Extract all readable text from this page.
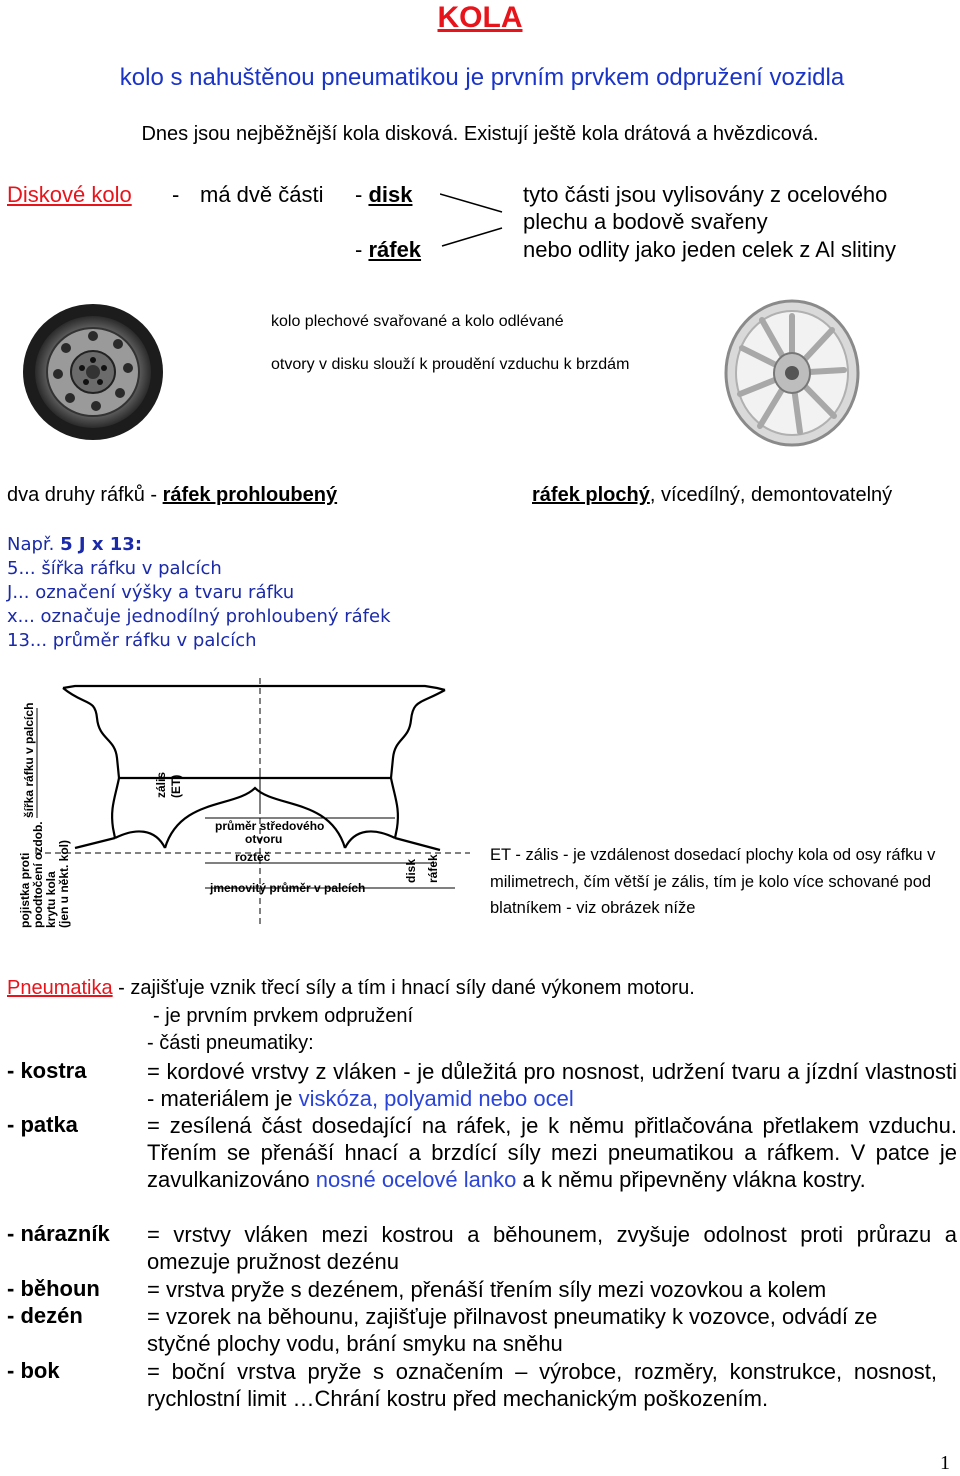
KOLA
kolo s nahuštěnou pneumatikou je prvním prvkem odpružení vozidla
Dnes jsou nejběžnější kola disková. Existují ještě kola drátová a hvězdicová.
Diskové kolo - má dvě části - disk
- ráfek
tyto části jsou vylisovány z ocelového
plechu a bodově svařeny
nebo odlity jako jeden celek z Al slitiny
kolo plechové svařované a kolo odlévané
otvory v disku slouží k proudění vzduchu k brzdám
dva druhy ráfků - ráfek prohloubený	ráfek plochý, vícedílný, demontovatelný
Např. 5 J x 13:
5... šířka ráfku v palcích
J... označení výšky a tvaru ráfku
x... označuje jednodílný prohloubený ráfek
13... průměr ráfku v palcích
šířka ráfku v palcích	zális (ET)
průměr středového
otvoru
rozteč
jmenovitý průměr v palcích
pojistka proti poodtočení ozdob. krytu kola (jen u někt. kol)	disk ráfek	ET - zális - je vzdálenost dosedací plochy kola od osy ráfku v milimetrech, čím větší je zális, tím je kolo více schované pod blatníkem - viz obrázek níže
Pneumatika - zajišťuje vznik třecí síly a tím i hnací síly dané výkonem motoru.
- je prvním prvkem odpružení
- části pneumatiky:
- kostra	= kordové vrstvy z vláken - je důležitá pro nosnost, udržení tvaru a jízdní vlastnosti - materiálem je viskóza, polyamid nebo ocel
- patka	= zesílená část dosedající na ráfek, je k němu přitlačována přetlakem vzduchu. Třením se přenáší hnací a brzdící síly mezi pneumatikou a ráfkem. V patce je zavulkanizováno nosné ocelové lanko a k němu připevněny vlákna kostry.
- nárazník = vrstvy vláken mezi kostrou a běhounem, zvyšuje odolnost proti průrazu a omezuje pružnost dezénu
- běhoun = vrstva pryže s dezénem, přenáší třením síly mezi vozovkou a kolem
- dezén	= vzorek na běhounu, zajišťuje přilnavost pneumatiky k vozovce, odvádí ze styčné plochy vodu, brání smyku na sněhu
- bok	= boční vrstva pryže s označením – výrobce, rozměry, konstrukce, nosnost, rychlostní limit …Chrání kostru před mechanickým poškozením.
1
